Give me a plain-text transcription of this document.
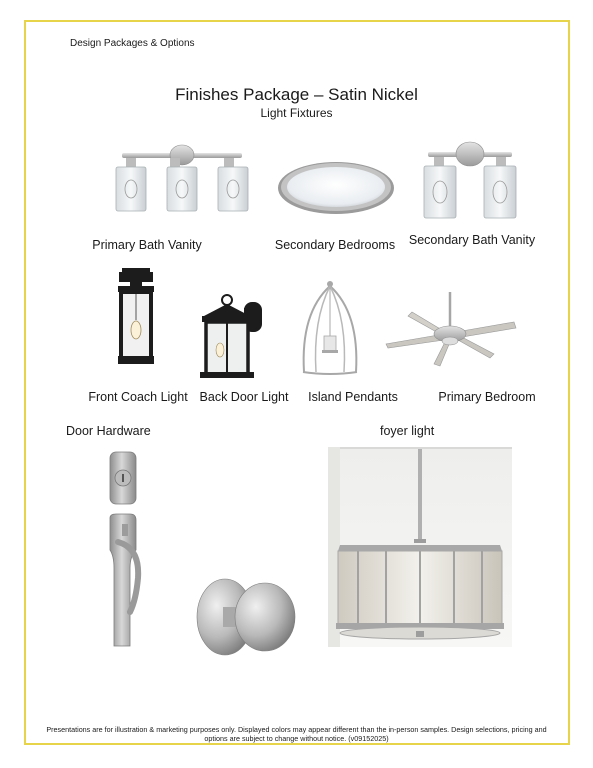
Design Packages & Options
Finishes Package – Satin Nickel
Light Fixtures
Primary Bath Vanity	Secondary Bedrooms	Secondary Bath Vanity
Front Coach Light Back Door Light	Island Pendants	Primary Bedroom
Door Hardware	foyer light
Presentations are for illustration & marketing purposes only. Displayed colors may appear different than the in-person samples. Design selections, pricing and
options are subject to change without notice. (v09152025)
